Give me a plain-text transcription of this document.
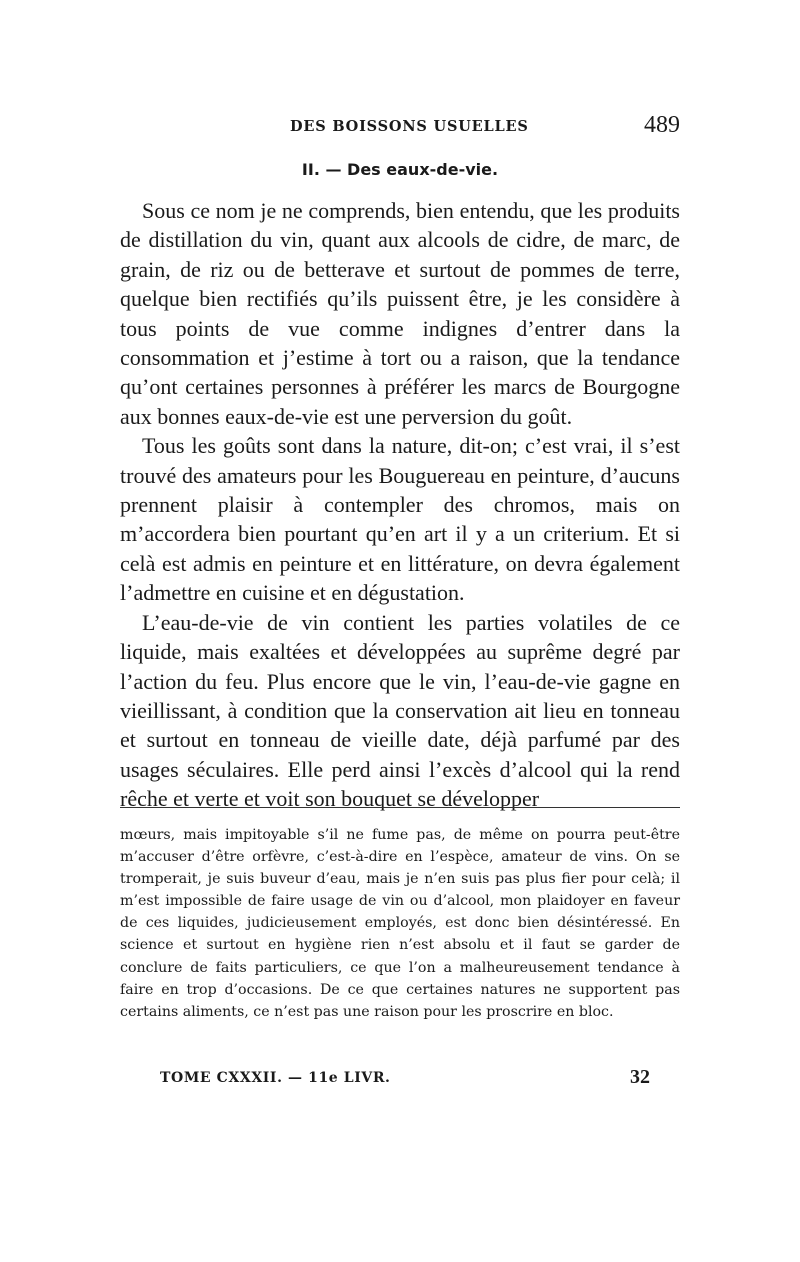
DES BOISSONS USUELLES	489
II. — Des eaux-de-vie.

Sous ce nom je ne comprends, bien entendu, que les produits de distillation du vin, quant aux alcools de cidre, de marc, de grain, de riz ou de betterave et surtout de pommes de terre, quelque bien rectifiés qu’ils puissent être, je les considère à tous points de vue comme indignes d’entrer dans la consommation et j’estime à tort ou a raison, que la tendance qu’ont certaines personnes à préférer les marcs de Bourgogne aux bonnes eaux-de-vie est une perversion du goût.

Tous les goûts sont dans la nature, dit-on; c’est vrai, il s’est trouvé des amateurs pour les Bouguereau en peinture, d’aucuns prennent plaisir à contempler des chromos, mais on m’accordera bien pourtant qu’en art il y a un criterium. Et si celà est admis en peinture et en littérature, on devra également l’admettre en cuisine et en dégustation.

L’eau-de-vie de vin contient les parties volatiles de ce liquide, mais exaltées et développées au suprême degré par l’action du feu. Plus encore que le vin, l’eau-de-vie gagne en vieillissant, à condition que la conservation ait lieu en tonneau et surtout en tonneau de vieille date, déjà parfumé par des usages séculaires. Elle perd ainsi l’excès d’alcool qui la rend rêche et verte et voit son bouquet se développer

mœurs, mais impitoyable s’il ne fume pas, de même on pourra peut-être m’accuser d’être orfèvre, c’est-à-dire en l’espèce, amateur de vins. On se tromperait, je suis buveur d’eau, mais je n’en suis pas plus fier pour celà; il m’est impossible de faire usage de vin ou d’alcool, mon plaidoyer en faveur de ces liquides, judicieusement employés, est donc bien désintéressé. En science et surtout en hygiène rien n’est absolu et il faut se garder de conclure de faits particuliers, ce que l’on a malheureusement tendance à faire en trop d’occasions. De ce que certaines natures ne supportent pas certains aliments, ce n’est pas une raison pour les proscrire en bloc.

TOME CXXXII. — 11e LIVR.	32
